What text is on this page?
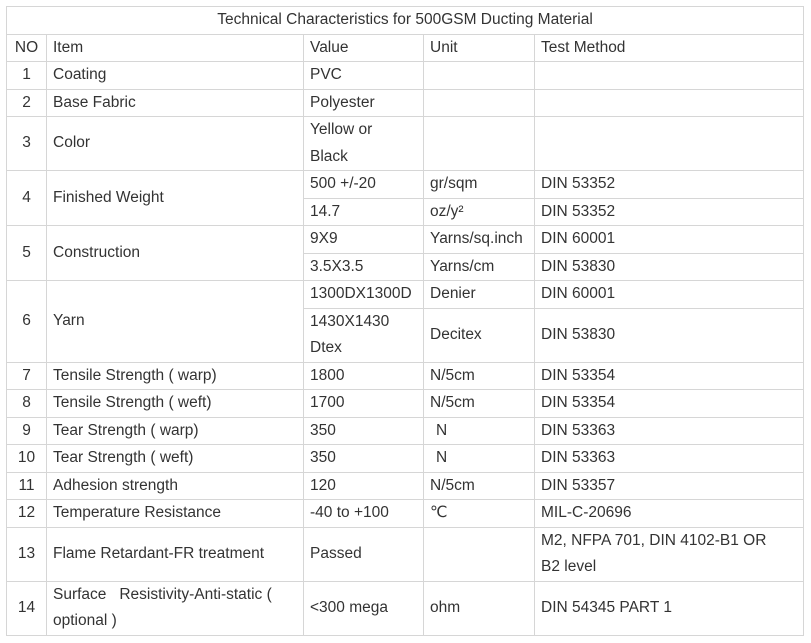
Technical Characteristics for 500GSM Ducting Material				
NO	Item	Value	Unit	Test Method
1	Coating	PVC		
2	Base Fabric	Polyester		
3	Color	Yellow or
Black		

4	Finished Weight	500 +/-20	gr/sqm	DIN 53352
		14.7	oz/y²	DIN 53352
5	Construction	9X9	Yarns/sq.inch	DIN 60001
		3.5X3.5	Yarns/cm	DIN 53830
6	Yarn	1300DX1300D	Denier	DIN 60001

		1430X1430
Dtex	Decitex	DIN 53830
7	Tensile Strength ( warp)	1800	N/5cm	DIN 53354
8	Tensile Strength ( weft)	1700	N/5cm	DIN 53354
9	Tear Strength ( warp)	350	N	DIN 53363
10	Tear Strength ( weft)	350	N	DIN 53363
11	Adhesion strength	120	N/5cm	DIN 53357
12	Temperature Resistance	-40 to +100	℃	MIL-C-20696
13	Flame Retardant-FR treatment	Passed		M2, NFPA 701, DIN 4102-B1 OR
B2 level

14	Surface   Resistivity-Anti-static (
optional )	<300 mega	ohm	DIN 54345 PART 1
